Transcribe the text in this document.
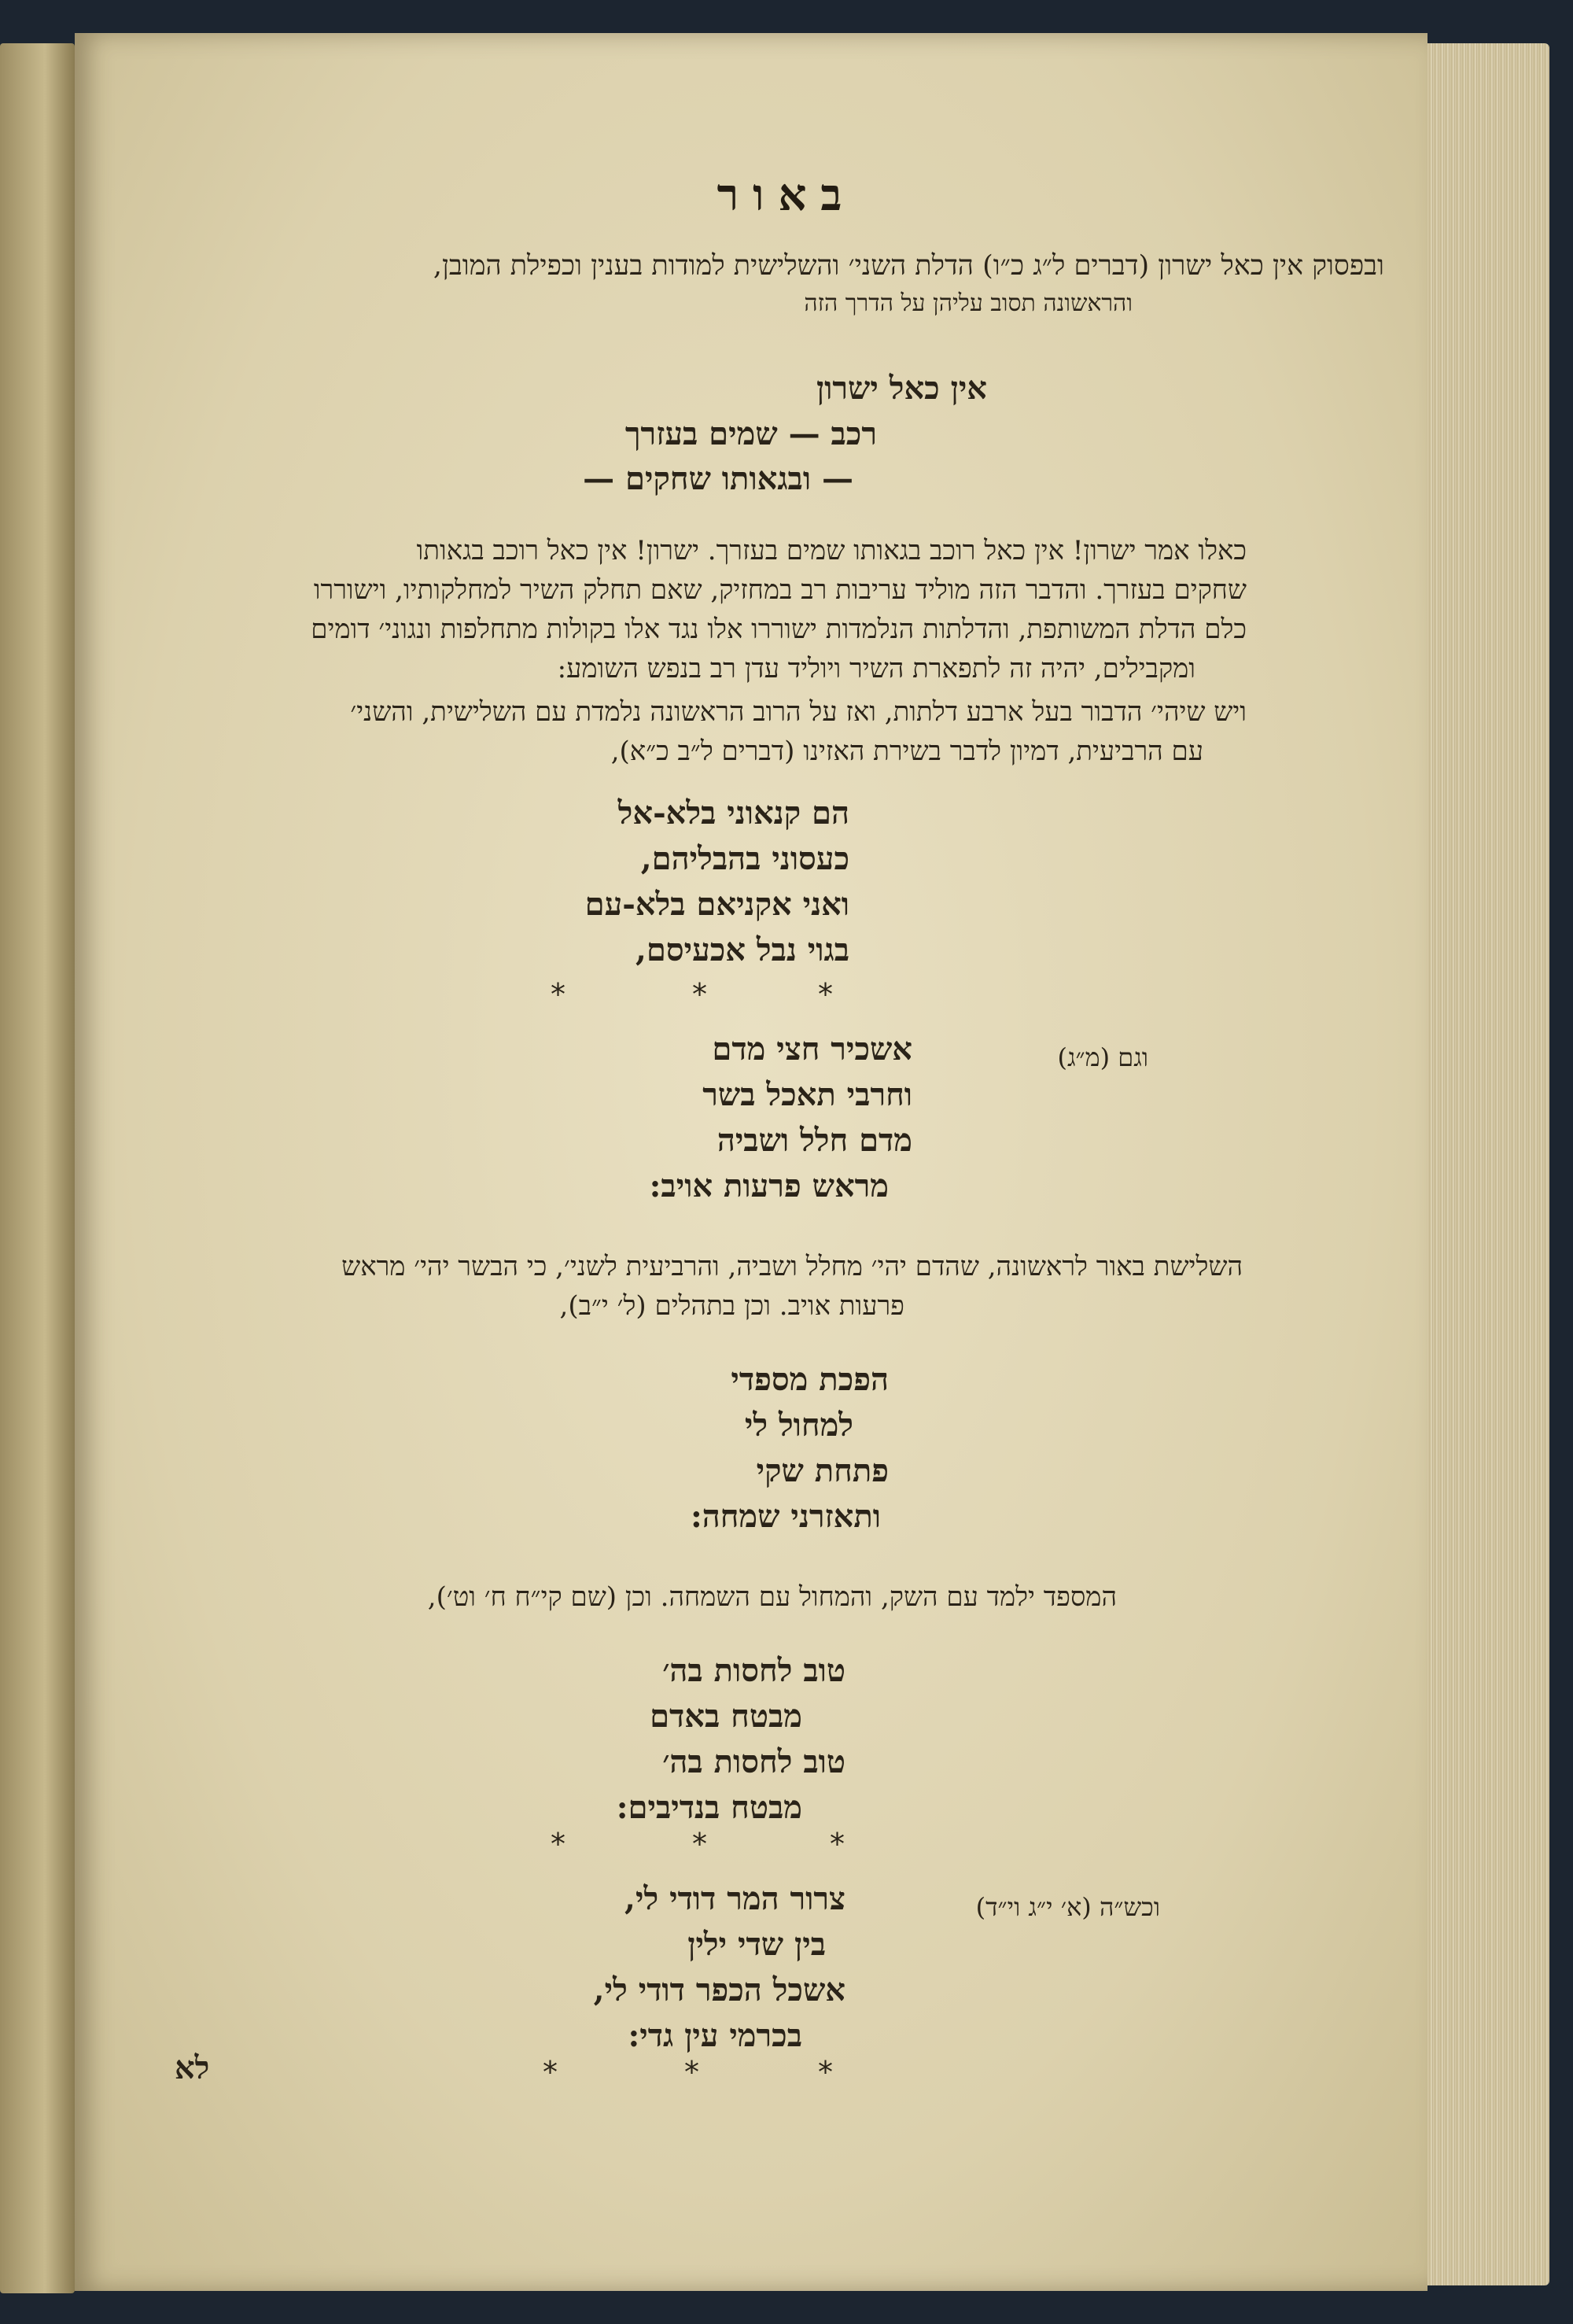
באור
ובפסוק אין כאל ישרון (דברים ל״ג כ״ו) הדלת השני׳ והשלישית למודות בענין וכפילת המובן,
והראשונה תסוב עליהן על הדרך הזה
אין כאל ישרון
רכב — שמים בעזרך
— ובגאותו שחקים —
כאלו אמר ישרון! אין כאל רוכב בגאותו שמים בעזרך. ישרון! אין כאל רוכב בגאותו
שחקים בעזרך. והדבר הזה מוליד עריבות רב במחזיק, שאם תחלק השיר למחלקותיו, וישוררו
כלם הדלת המשותפת, והדלתות הנלמדות ישוררו אלו נגד אלו בקולות מתחלפות ונגוני׳ דומים
ומקבילים, יהיה זה לתפארת השיר ויוליד עדן רב בנפש השומע:
ויש שיהי׳ הדבור בעל ארבע דלתות, ואז על הרוב הראשונה נלמדת עם השלישית, והשני׳
עם הרביעית, דמיון לדבר בשירת האזינו (דברים ל״ב כ״א),
הם קנאוני בלא-אל
כעסוני בהבליהם,
ואני אקניאם בלא-עם
בגוי נבל אכעיסם,
*	*	*
וגם (מ״ג)
אשכיר חצי מדם
וחרבי תאכל בשר
מדם חלל ושביה
מראש פרעות אויב:
השלישת באור לראשונה, שהדם יהי׳ מחלל ושביה, והרביעית לשני׳, כי הבשר יהי׳ מראש
פרעות אויב. וכן בתהלים (ל׳ י״ב),
הפכת מספדי
למחול לי
פתחת שקי
ותאזרני שמחה:
המספד ילמד עם השק, והמחול עם השמחה. וכן (שם קי״ח ח׳ וט׳),
טוב לחסות בה׳
מבטח באדם
טוב לחסות בה׳
מבטח בנדיבים:
*	*	*
וכש״ה (א׳ י״ג וי״ד)
צרור המר דודי לי,
בין שדי ילין
אשכל הכפר דודי לי,
בכרמי עין גדי:
*	*	*
לא
